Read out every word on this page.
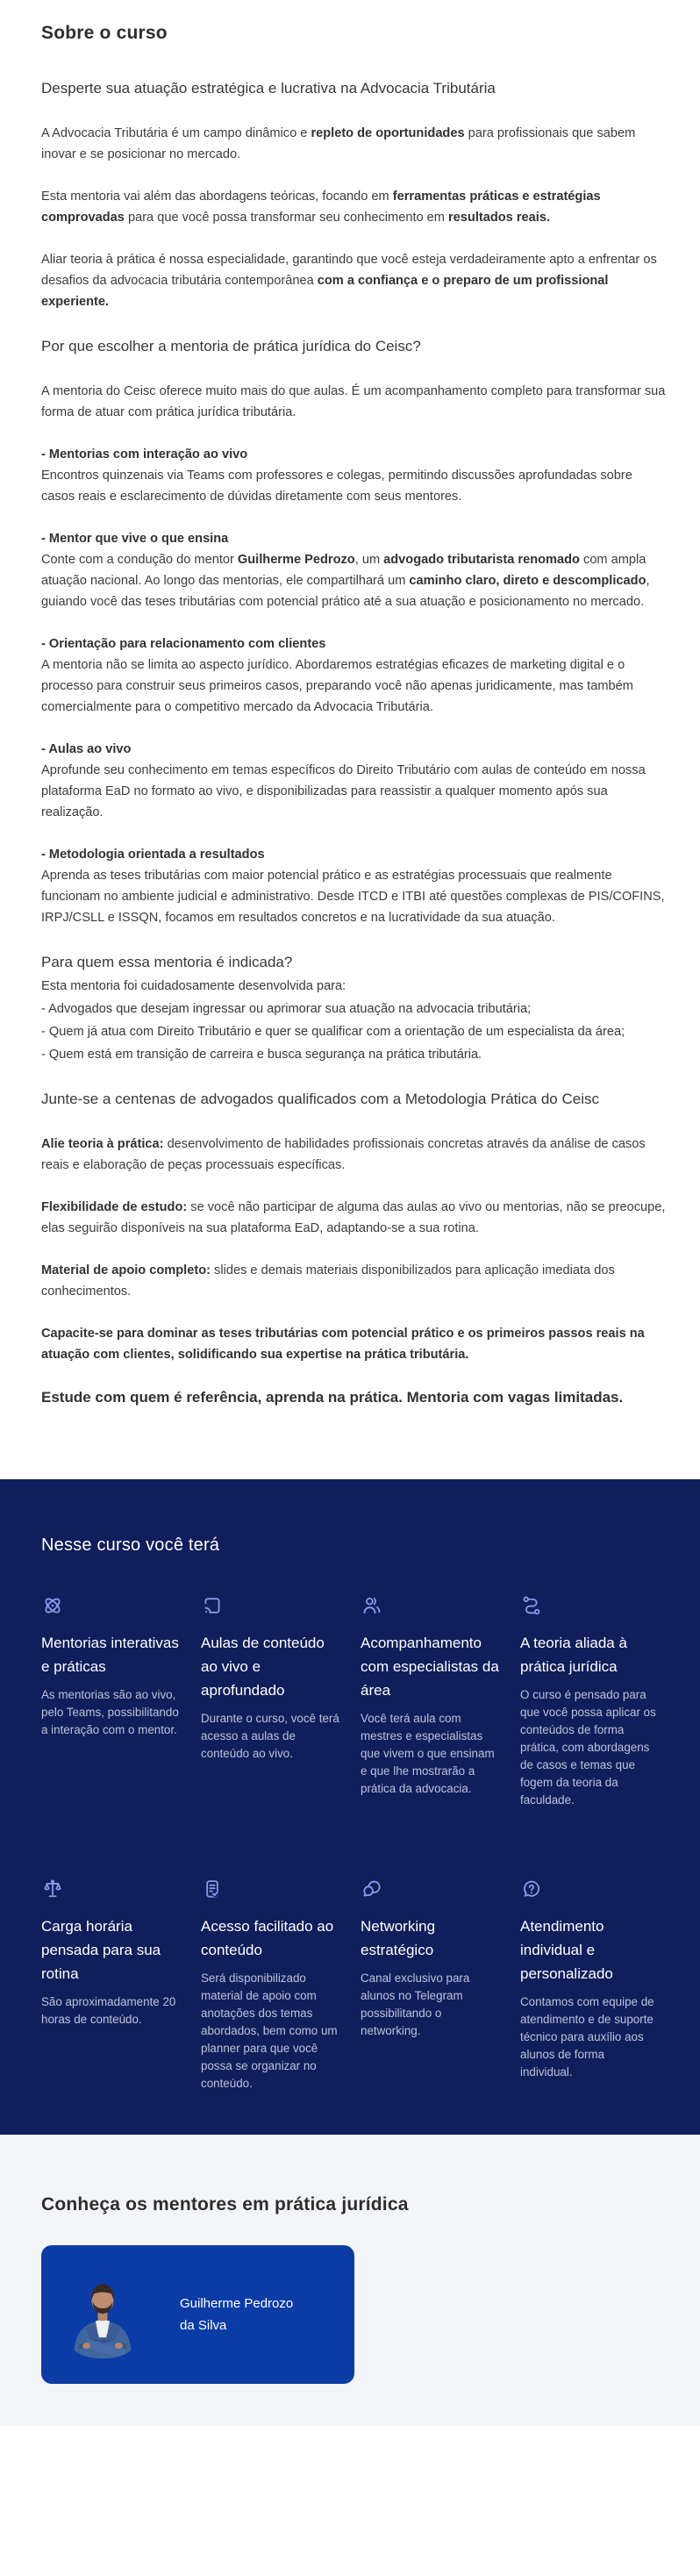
Sobre o curso
Desperte sua atuação estratégica e lucrativa na Advocacia Tributária

A Advocacia Tributária é um campo dinâmico e repleto de oportunidades para profissionais que sabem inovar e se posicionar no mercado.

Esta mentoria vai além das abordagens teóricas, focando em ferramentas práticas e estratégias comprovadas para que você possa transformar seu conhecimento em resultados reais.

Aliar teoria à prática é nossa especialidade, garantindo que você esteja verdadeiramente apto a enfrentar os desafios da advocacia tributária contemporânea com a confiança e o preparo de um profissional experiente.

Por que escolher a mentoria de prática jurídica do Ceisc?

A mentoria do Ceisc oferece muito mais do que aulas. É um acompanhamento completo para transformar sua forma de atuar com prática jurídica tributária.

- Mentorias com interação ao vivo
Encontros quinzenais via Teams com professores e colegas, permitindo discussões aprofundadas sobre casos reais e esclarecimento de dúvidas diretamente com seus mentores.

- Mentor que vive o que ensina
Conte com a condução do mentor Guilherme Pedrozo, um advogado tributarista renomado com ampla atuação nacional. Ao longo das mentorias, ele compartilhará um caminho claro, direto e descomplicado, guiando você das teses tributárias com potencial prático até a sua atuação e posicionamento no mercado.

- Orientação para relacionamento com clientes
A mentoria não se limita ao aspecto jurídico. Abordaremos estratégias eficazes de marketing digital e o processo para construir seus primeiros casos, preparando você não apenas juridicamente, mas também comercialmente para o competitivo mercado da Advocacia Tributária.

- Aulas ao vivo
Aprofunde seu conhecimento em temas específicos do Direito Tributário com aulas de conteúdo em nossa plataforma EaD no formato ao vivo, e disponibilizadas para reassistir a qualquer momento após sua realização.

- Metodologia orientada a resultados
Aprenda as teses tributárias com maior potencial prático e as estratégias processuais que realmente funcionam no ambiente judicial e administrativo. Desde ITCD e ITBI até questões complexas de PIS/COFINS, IRPJ/CSLL e ISSQN, focamos em resultados concretos e na lucratividade da sua atuação.

Para quem essa mentoria é indicada?
Esta mentoria foi cuidadosamente desenvolvida para:
- Advogados que desejam ingressar ou aprimorar sua atuação na advocacia tributária;
- Quem já atua com Direito Tributário e quer se qualificar com a orientação de um especialista da área;
- Quem está em transição de carreira e busca segurança na prática tributária.
Junte-se a centenas de advogados qualificados com a Metodologia Prática do Ceisc

Alie teoria à prática: desenvolvimento de habilidades profissionais concretas através da análise de casos reais e elaboração de peças processuais específicas.

Flexibilidade de estudo: se você não participar de alguma das aulas ao vivo ou mentorias, não se preocupe, elas seguirão disponíveis na sua plataforma EaD, adaptando-se a sua rotina.

Material de apoio completo: slides e demais materiais disponibilizados para aplicação imediata dos conhecimentos.

Capacite-se para dominar as teses tributárias com potencial prático e os primeiros passos reais na atuação com clientes, solidificando sua expertise na prática tributária.

Estude com quem é referência, aprenda na prática. Mentoria com vagas limitadas.

Nesse curso você terá
Mentorias interativas e práticas

As mentorias são ao vivo, pelo Teams, possibilitando a interação com o mentor.

Aulas de conteúdo ao vivo e aprofundado

Durante o curso, você terá acesso a aulas de conteúdo ao vivo.

Acompanhamento com especialistas da área

Você terá aula com mestres e especialistas que vivem o que ensinam e que lhe mostrarão a prática da advocacia.

A teoria aliada à prática jurídica

O curso é pensado para que você possa aplicar os conteúdos de forma prática, com abordagens de casos e temas que fogem da teoria da faculdade.

Carga horária pensada para sua rotina

São aproximadamente 20 horas de conteúdo.

Acesso facilitado ao conteúdo

Será disponibilizado material de apoio com anotações dos temas abordados, bem como um planner para que você possa se organizar no conteúdo.

Networking estratégico

Canal exclusivo para alunos no Telegram possibilitando o networking.

Atendimento individual e personalizado

Contamos com equipe de atendimento e de suporte técnico para auxílio aos alunos de forma individual.

Conheça os mentores em prática jurídica
Guilherme Pedrozo da Silva
